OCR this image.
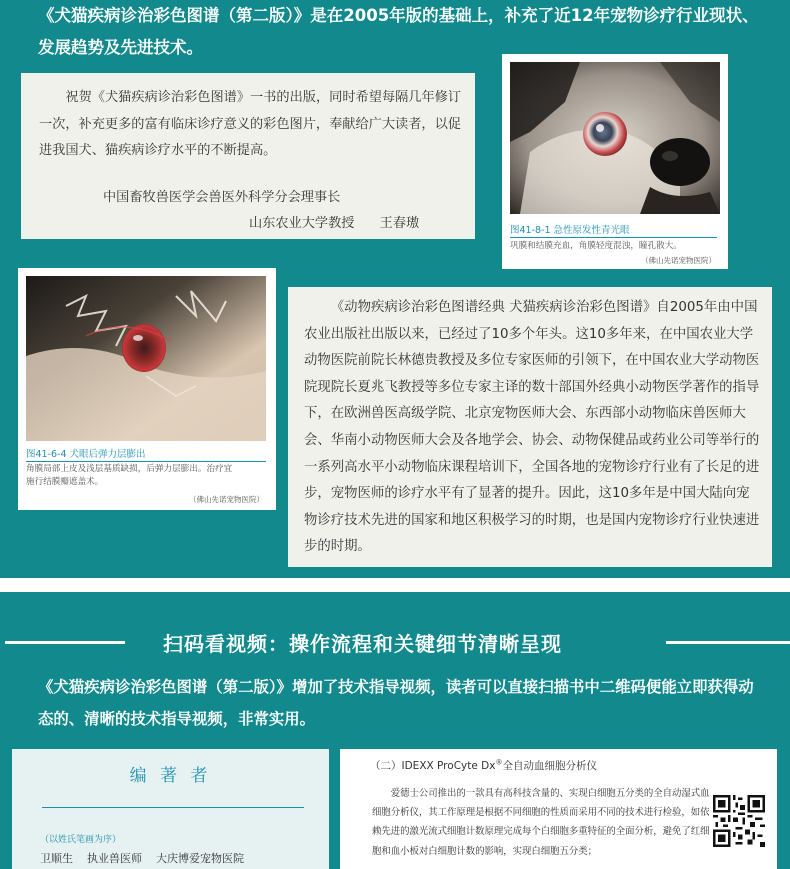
《犬猫疾病诊治彩色图谱（第二版）》是在2005年版的基础上，补充了近12年宠物诊疗行业现状、发展趋势及先进技术。

祝贺《犬猫疾病诊治彩色图谱》一书的出版，同时希望每隔几年修订一次，补充更多的富有临床诊疗意义的彩色图片，奉献给广大读者，以促进我国犬、猫疾病诊疗水平的不断提高。

中国畜牧兽医学会兽医外科学分会理事长
山东农业大学教授 王春璈	图41-8-1 急性原发性青光眼
巩膜和结膜充血，角膜轻度混浊，瞳孔散大。
（佛山先诺宠物医院）
图41-6-4 犬眼后弹力层膨出
角膜局部上皮及浅层基质缺损，后弹力层膨出。治疗宜
施行结膜瓣遮盖术。
（佛山先诺宠物医院）

《动物疾病诊治彩色图谱经典 犬猫疾病诊治彩色图谱》自2005年由中国农业出版社出版以来，已经过了10多个年头。这10多年来，在中国农业大学动物医院前院长林德贵教授及多位专家医师的引领下，在中国农业大学动物医院现院长夏兆飞教授等多位专家主译的数十部国外经典小动物医学著作的指导下，在欧洲兽医高级学院、北京宠物医师大会、东西部小动物临床兽医师大会、华南小动物医师大会及各地学会、协会、动物保健品或药业公司等举行的一系列高水平小动物临床课程培训下，全国各地的宠物诊疗行业有了长足的进步，宠物医师的诊疗水平有了显著的提升。因此，这10多年是中国大陆向宠物诊疗技术先进的国家和地区积极学习的时期，也是国内宠物诊疗行业快速进步的时期。

扫码看视频：操作流程和关键细节清晰呈现

《犬猫疾病诊治彩色图谱（第二版）》增加了技术指导视频，读者可以直接扫描书中二维码便能立即获得动态的、清晰的技术指导视频，非常实用。

编 著 者
（以姓氏笔画为序）
卫顺生    执业兽医师    大庆博爱宠物医院
（二）IDEXX ProCyte Dx®全自动血细胞分析仪

爱德士公司推出的一款具有高科技含量的、实现白细胞五分类的全自动湿式血细胞分析仪，其工作原理是根据不同细胞的性质而采用不同的技术进行检验，如依赖先进的激光流式细胞计数原理完成每个白细胞多重特征的全面分析，避免了红细胞和血小板对白细胞计数的影响，实现白细胞五分类；
